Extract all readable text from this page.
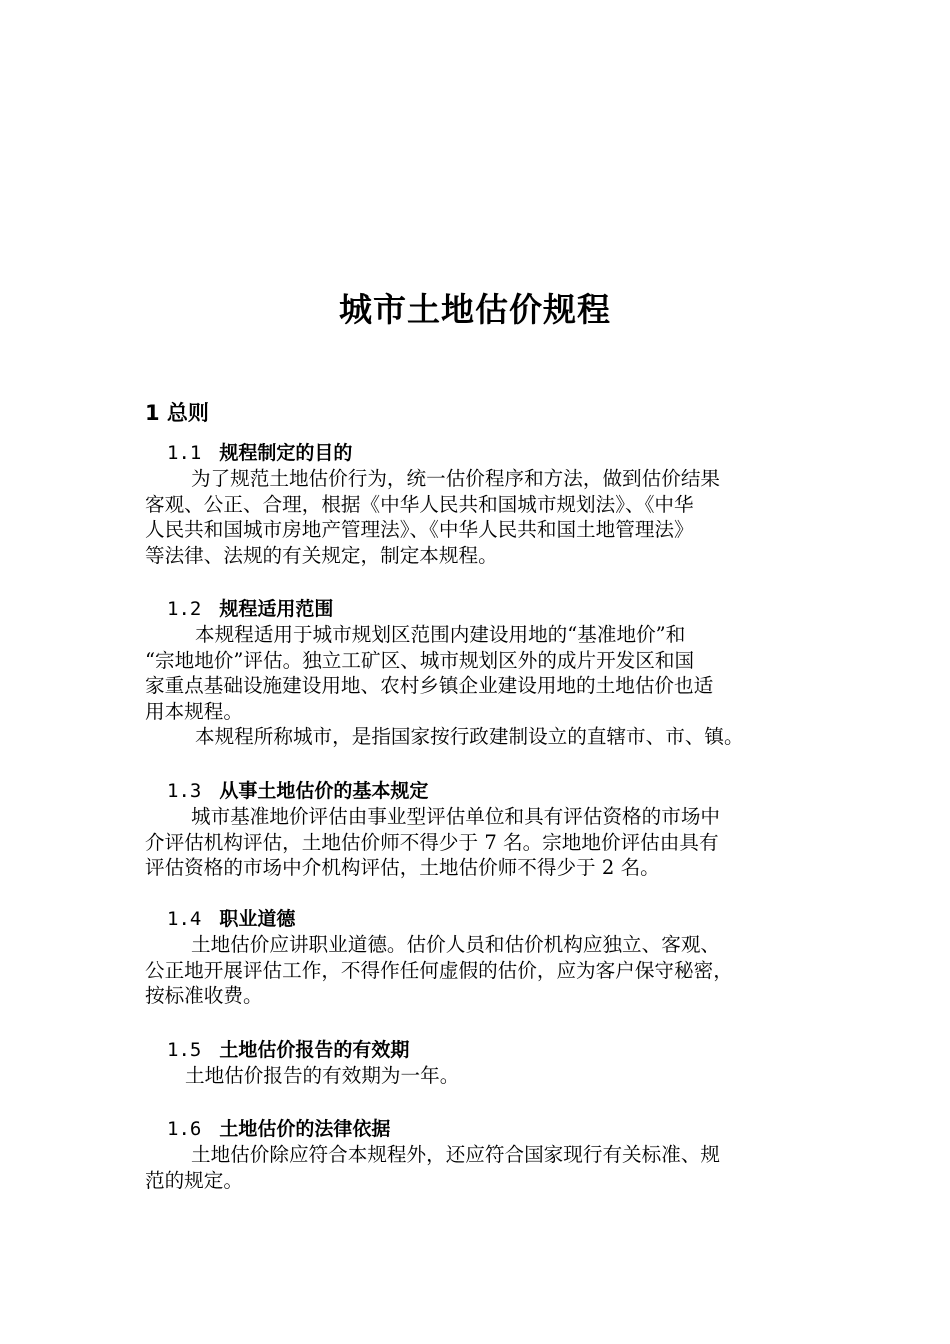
城市土地估价规程
1 总则
1.1 规程制定的目的

为了规范土地估价行为，统一估价程序和方法，做到估价结果

客观、公正、合理，根据《中华人民共和国城市规划法》、《中华

人民共和国城市房地产管理法》、《中华人民共和国土地管理法》

等法律、法规的有关规定，制定本规程。

1.2 规程适用范围

本规程适用于城市规划区范围内建设用地的“基准地价”和

“宗地地价”评估。独立工矿区、城市规划区外的成片开发区和国

家重点基础设施建设用地、农村乡镇企业建设用地的土地估价也适

用本规程。

本规程所称城市，是指国家按行政建制设立的直辖市、市、镇。

1.3 从事土地估价的基本规定

城市基准地价评估由事业型评估单位和具有评估资格的市场中

介评估机构评估，土地估价师不得少于 7 名。宗地地价评估由具有

评估资格的市场中介机构评估，土地估价师不得少于 2 名。

1.4 职业道德

土地估价应讲职业道德。估价人员和估价机构应独立、客观、

公正地开展评估工作，不得作任何虚假的估价，应为客户保守秘密，

按标准收费。

1.5 土地估价报告的有效期

土地估价报告的有效期为一年。

1.6 土地估价的法律依据

土地估价除应符合本规程外，还应符合国家现行有关标准、规

范的规定。
